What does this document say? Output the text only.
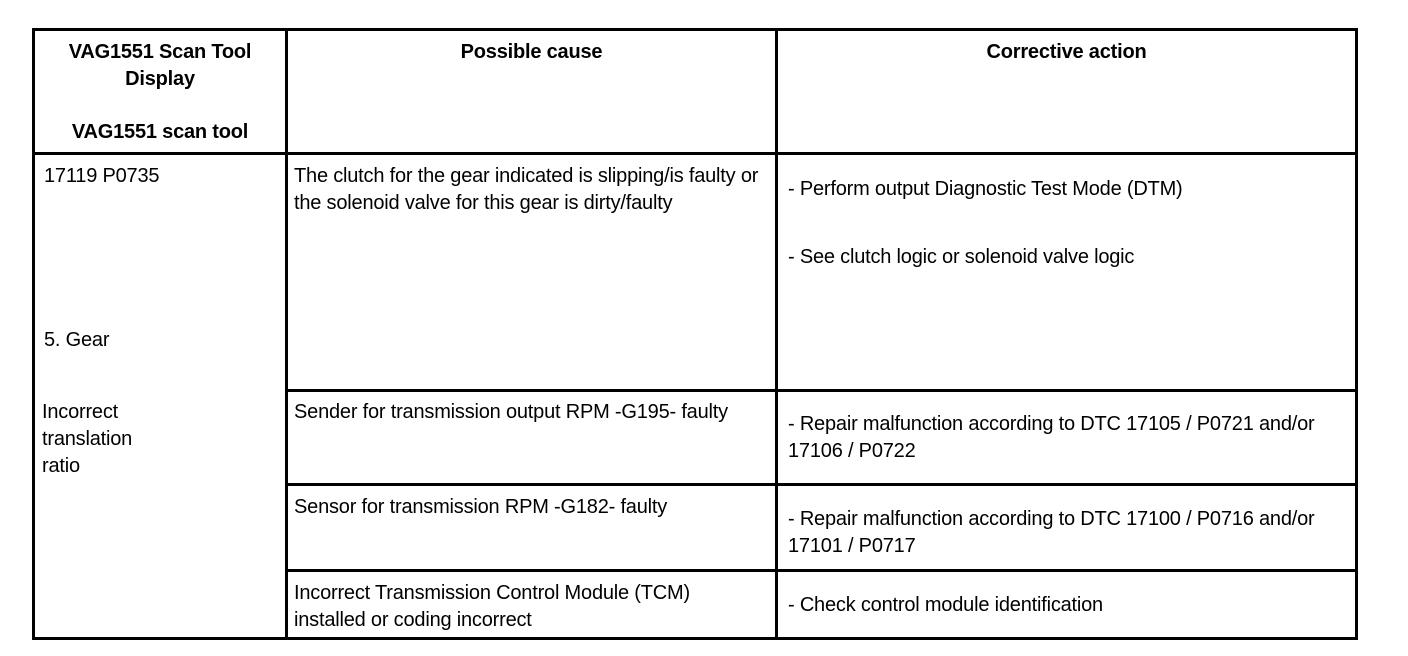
VAG1551 Scan Tool Display
VAG1551 scan tool
Possible cause	Corrective action
17119 P0735
5. Gear
Incorrect
translation
ratio
The clutch for the gear indicated is slipping/is faulty or the solenoid valve for this gear is dirty/faulty
- Perform output Diagnostic Test Mode (DTM)
- See clutch logic or solenoid valve logic
Sender for transmission output RPM -G195- faulty
- Repair malfunction according to DTC 17105 / P0721 and/or 17106 / P0722
Sensor for transmission RPM -G182- faulty
- Repair malfunction according to DTC 17100 / P0716 and/or 17101 / P0717
Incorrect Transmission Control Module (TCM) installed or coding incorrect
- Check control module identification
